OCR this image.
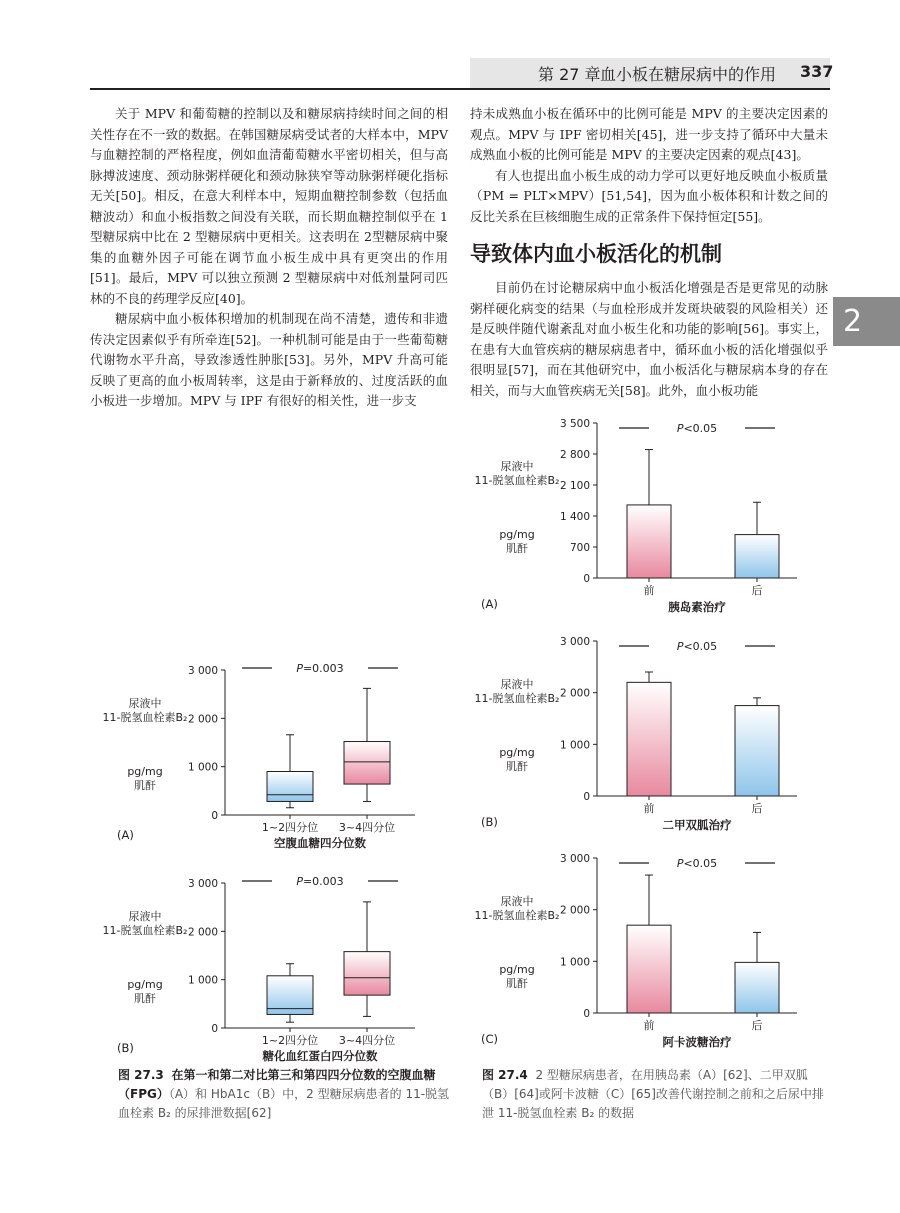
第 27 章 血小板在糖尿病中的作用 337
2

关于 MPV 和葡萄糖的控制以及和糖尿病持续时间之间的相关性存在不一致的数据。在韩国糖尿病受试者的大样本中，MPV 与血糖控制的严格程度，例如血清葡萄糖水平密切相关，但与高脉搏波速度、颈动脉粥样硬化和颈动脉狭窄等动脉粥样硬化指标无关[50]。相反，在意大利样本中，短期血糖控制参数（包括血糖波动）和血小板指数之间没有关联，而长期血糖控制似乎在 1 型糖尿病中比在 2 型糖尿病中更相关。这表明在 2型糖尿病中聚集的血糖外因子可能在调节血小板生成中具有更突出的作用[51]。最后，MPV 可以独立预测 2 型糖尿病中对低剂量阿司匹林的不良的药理学反应[40]。

糖尿病中血小板体积增加的机制现在尚不清楚，遗传和非遗传决定因素似乎有所牵连[52]。一种机制可能是由于一些葡萄糖代谢物水平升高，导致渗透性肿胀[53]。另外，MPV 升高可能反映了更高的血小板周转率，这是由于新释放的、过度活跃的血小板进一步增加。MPV 与 IPF 有很好的相关性，进一步支

持未成熟血小板在循环中的比例可能是 MPV 的主要决定因素的观点。MPV 与 IPF 密切相关[45]，进一步支持了循环中大量未成熟血小板的比例可能是 MPV 的主要决定因素的观点[43]。

有人也提出血小板生成的动力学可以更好地反映血小板质量（PM = PLT×MPV）[51,54]，因为血小板体积和计数之间的反比关系在巨核细胞生成的正常条件下保持恒定[55]。

导致体内血小板活化的机制

目前仍在讨论糖尿病中血小板活化增强是否是更常见的动脉粥样硬化病变的结果（与血栓形成并发斑块破裂的风险相关）还是反映伴随代谢紊乱对血小板生化和功能的影响[56]。事实上，在患有大血管疾病的糖尿病患者中，循环血小板的活化增强似乎很明显[57]，而在其他研究中，血小板活化与糖尿病本身的存在相关，而与大血管疾病无关[58]。此外，血小板功能

0
1 000
2 000
3 000	P=0.003
1~2四分位 3~4四分位
空腹血糖四分位数
(A)
尿液中
11-脱氢血栓素B₂
pg/mg
肌酐
0
1 000
2 000
3 000	P=0.003
1~2四分位 3~4四分位
糖化血红蛋白四分位数
(B)
尿液中
11-脱氢血栓素B₂
pg/mg
肌酐
0
700
1 400
2 100
2 800
3 500	P<0.05
前	后
胰岛素治疗
(A)
尿液中
11-脱氢血栓素B₂
pg/mg
肌酐
0
1 000
2 000
3 000	P<0.05
前	后
二甲双胍治疗
(B)
尿液中
11-脱氢血栓素B₂
pg/mg
肌酐
0
1 000
2 000
3 000	P<0.05
前	后
阿卡波糖治疗
(C)
尿液中
11-脱氢血栓素B₂
pg/mg
肌酐
图 27.3 在第一和第二对比第三和第四四分位数的空腹血糖（FPG）（A）和 HbA1c（B）中，2 型糖尿病患者的 11-脱氢血栓素 B₂ 的尿排泄数据[62]
图 27.4 2 型糖尿病患者，在用胰岛素（A）[62]、二甲双胍（B）[64]或阿卡波糖（C）[65]改善代谢控制之前和之后尿中排泄 11-脱氢血栓素 B₂ 的数据
